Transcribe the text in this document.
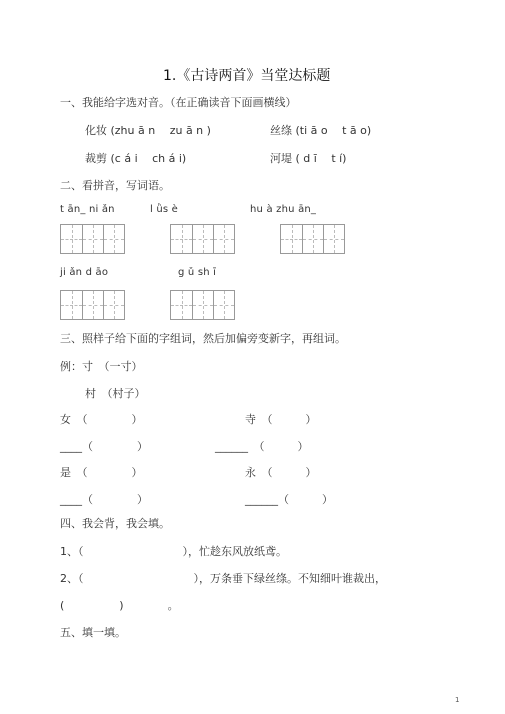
1.《古诗两首》当堂达标题
一、我能给字选对音。（在正确读音下面画横线）
化妆 (zhu ā n　 zu ā n )	丝绦 (ti ā o　 t ā o)
裁剪 (c á i　 ch á i)	河堤 ( d ī　 t í)
二、看拼音，写词语。
t ān_ ni ǎn	l ǜs è	hu à zhu ān_
ji ǎn d āo	g ǔ sh ī
三、照样子给下面的字组词，然后加偏旁变新字，再组词。
例：寸　（一寸）
村　（村子）
女　（　　　　）	寺　（　　　）
____（　　　　）	______　（　　　）
是　（　　　　）	永　（　　　）
____（　　　　）	______（　　　）
四、我会背，我会填。
1、（　　　　　　　　　），忙趁东风放纸鸢。
2、（　　　　　　　　　　），万条垂下绿丝绦。不知细叶谁裁出，
(　　　　　)　　　　。
五、填一填。
1
